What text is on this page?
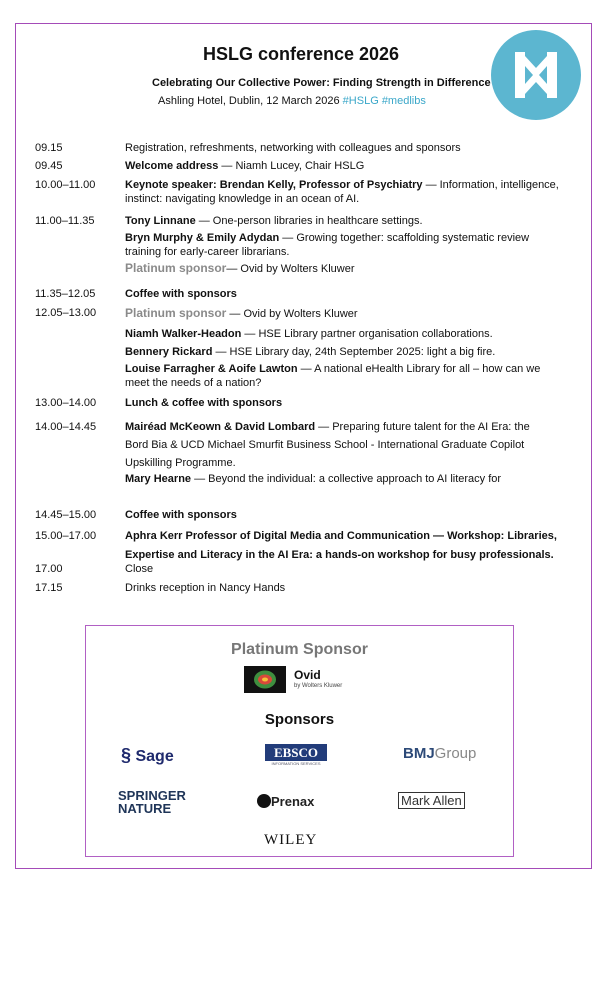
HSLG conference 2026
Celebrating Our Collective Power: Finding Strength in Difference
Ashling Hotel, Dublin, 12 March 2026 #HSLG #medlibs
09.15	Registration, refreshments, networking with colleagues and sponsors
09.45	Welcome address — Niamh Lucey, Chair HSLG
10.00–11.00	Keynote speaker: Brendan Kelly, Professor of Psychiatry — Information, intelligence,
instinct: navigating knowledge in an ocean of AI.
11.00–11.35	Tony Linnane — One-person libraries in healthcare settings.
Bryn Murphy & Emily Adydan — Growing together: scaffolding systematic review
training for early-career librarians.
Platinum sponsor— Ovid by Wolters Kluwer
11.35–12.05	Coffee with sponsors
12.05–13.00 Platinum sponsor — Ovid by Wolters Kluwer
Niamh Walker-Headon — HSE Library partner organisation collaborations.
Bennery Rickard — HSE Library day, 24th September 2025: light a big fire.
Louise Farragher & Aoife Lawton — A national eHealth Library for all – how can we
meet the needs of a nation?
13.00–14.00	Lunch & coffee with sponsors
14.00–14.45	Mairéad McKeown & David Lombard — Preparing future talent for the AI Era: the
Bord Bia & UCD Michael Smurfit Business School - International Graduate Copilot
Upskilling Programme.
Mary Hearne — Beyond the individual: a collective approach to AI literacy for
14.45–15.00	Coffee with sponsors
15.00–17.00	Aphra Kerr Professor of Digital Media and Communication — Workshop: Libraries,
Expertise and Literacy in the AI Era: a hands-on workshop for busy professionals.
17.00	Close
17.15	Drinks reception in Nancy Hands
Platinum Sponsor
Ovid
by Wolters Kluwer
Sponsors
§ Sage	EBSCO
INFORMATION SERVICES
BMJGroup
SPRINGER
NATURE	Prenax	Mark Allen
WILEY
